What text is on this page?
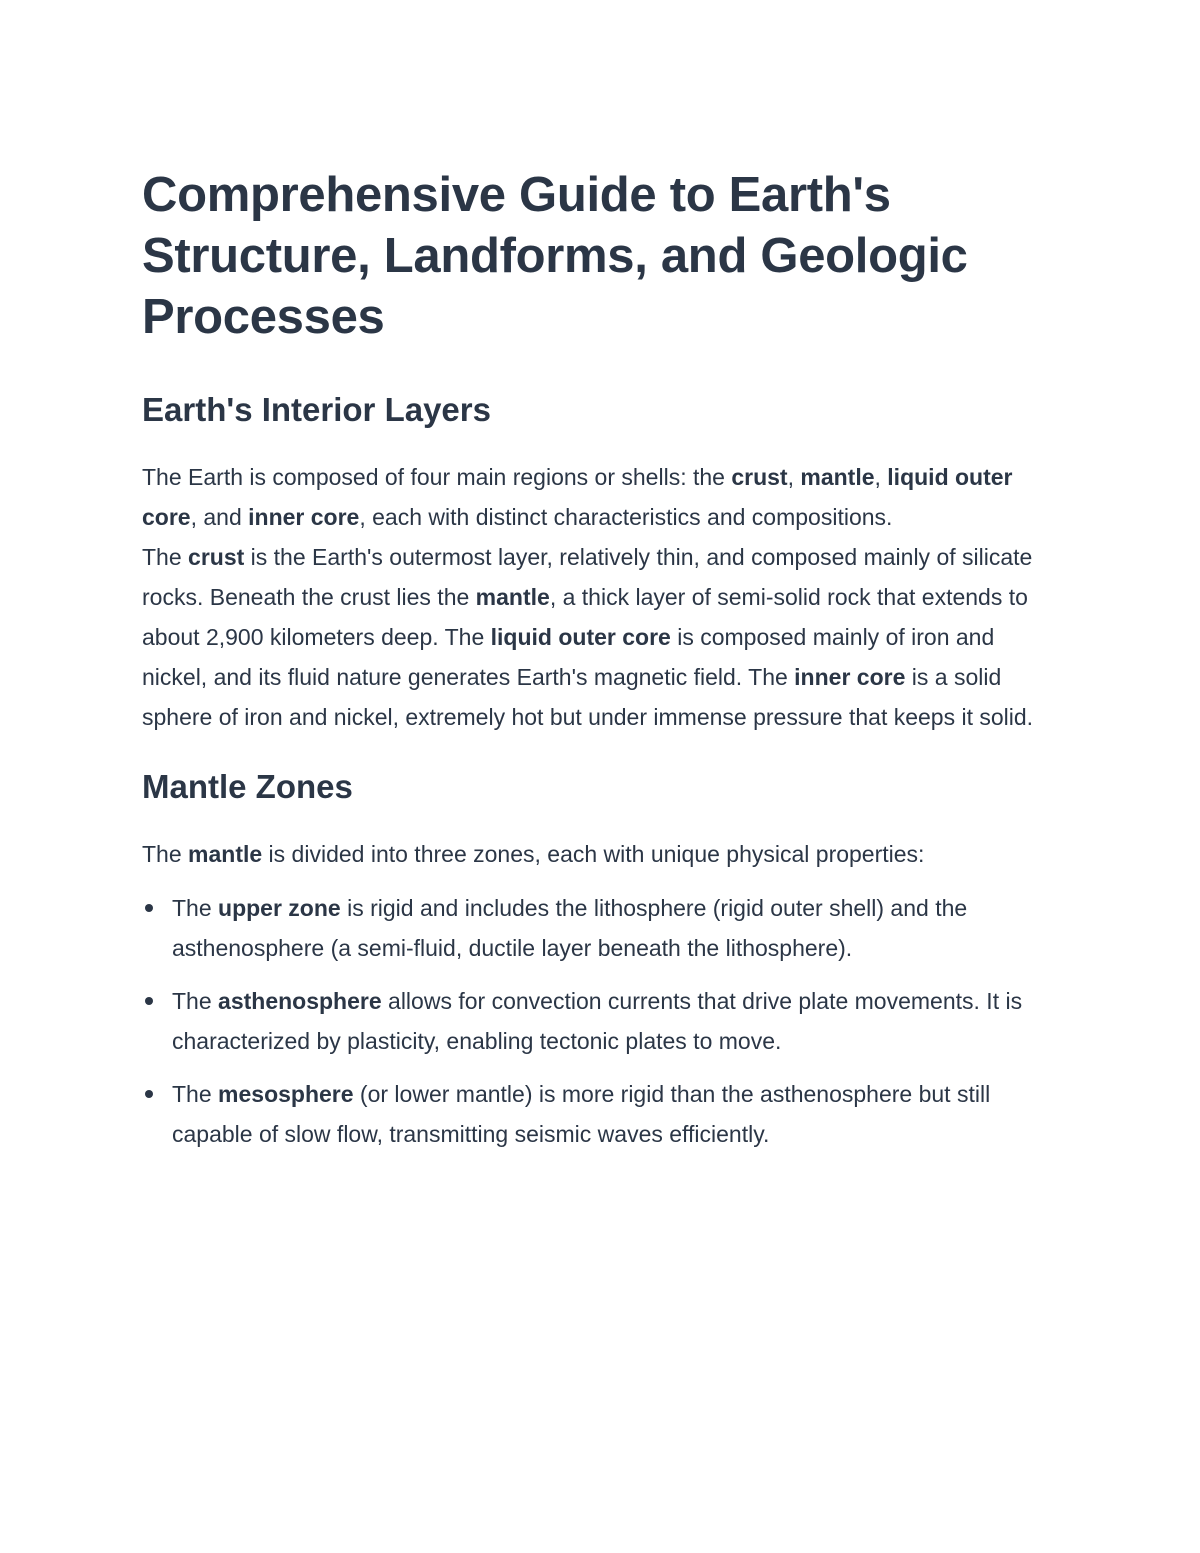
Comprehensive Guide to Earth's Structure, Landforms, and Geologic Processes
Earth's Interior Layers

The Earth is composed of four main regions or shells: the crust, mantle, liquid outer core, and inner core, each with distinct characteristics and compositions.

The crust is the Earth's outermost layer, relatively thin, and composed mainly of silicate rocks. Beneath the crust lies the mantle, a thick layer of semi-solid rock that extends to about 2,900 kilometers deep. The liquid outer core is composed mainly of iron and nickel, and its fluid nature generates Earth's magnetic field. The inner core is a solid sphere of iron and nickel, extremely hot but under immense pressure that keeps it solid.

Mantle Zones

The mantle is divided into three zones, each with unique physical properties:

The upper zone is rigid and includes the lithosphere (rigid outer shell) and the asthenosphere (a semi-fluid, ductile layer beneath the lithosphere).
The asthenosphere allows for convection currents that drive plate movements. It is characterized by plasticity, enabling tectonic plates to move.
The mesosphere (or lower mantle) is more rigid than the asthenosphere but still capable of slow flow, transmitting seismic waves efficiently.
